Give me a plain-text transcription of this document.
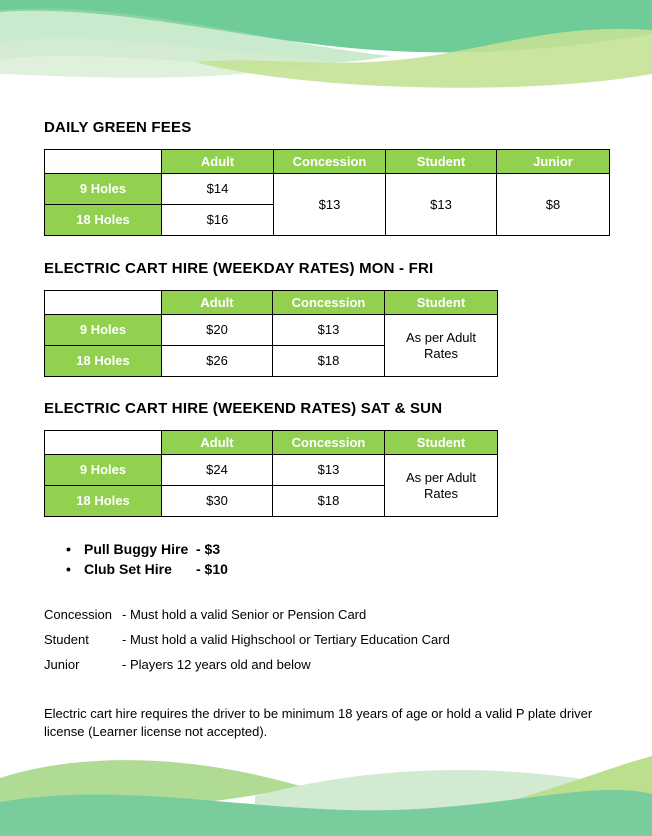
DAILY GREEN FEES
	Adult	Concession	Student	Junior
9 Holes	$14	$13	$13	$8
18 Holes	$16			
ELECTRIC CART HIRE (WEEKDAY RATES) MON - FRI
	Adult	Concession	Student
9 Holes	$20	$13	As per Adult Rates
18 Holes	$26	$18	
ELECTRIC CART HIRE (WEEKEND RATES) SAT & SUN
	Adult	Concession	Student
9 Holes	$24	$13	As per Adult Rates
18 Holes	$30	$18	
• Pull Buggy Hire - $3
• Club Set Hire	- $10
Concession - Must hold a valid Senior or Pension Card
Student	- Must hold a valid Highschool or Tertiary Education Card
Junior	- Players 12 years old and below

Electric cart hire requires the driver to be minimum 18 years of age or hold a valid P plate driver license (Learner license not accepted).
